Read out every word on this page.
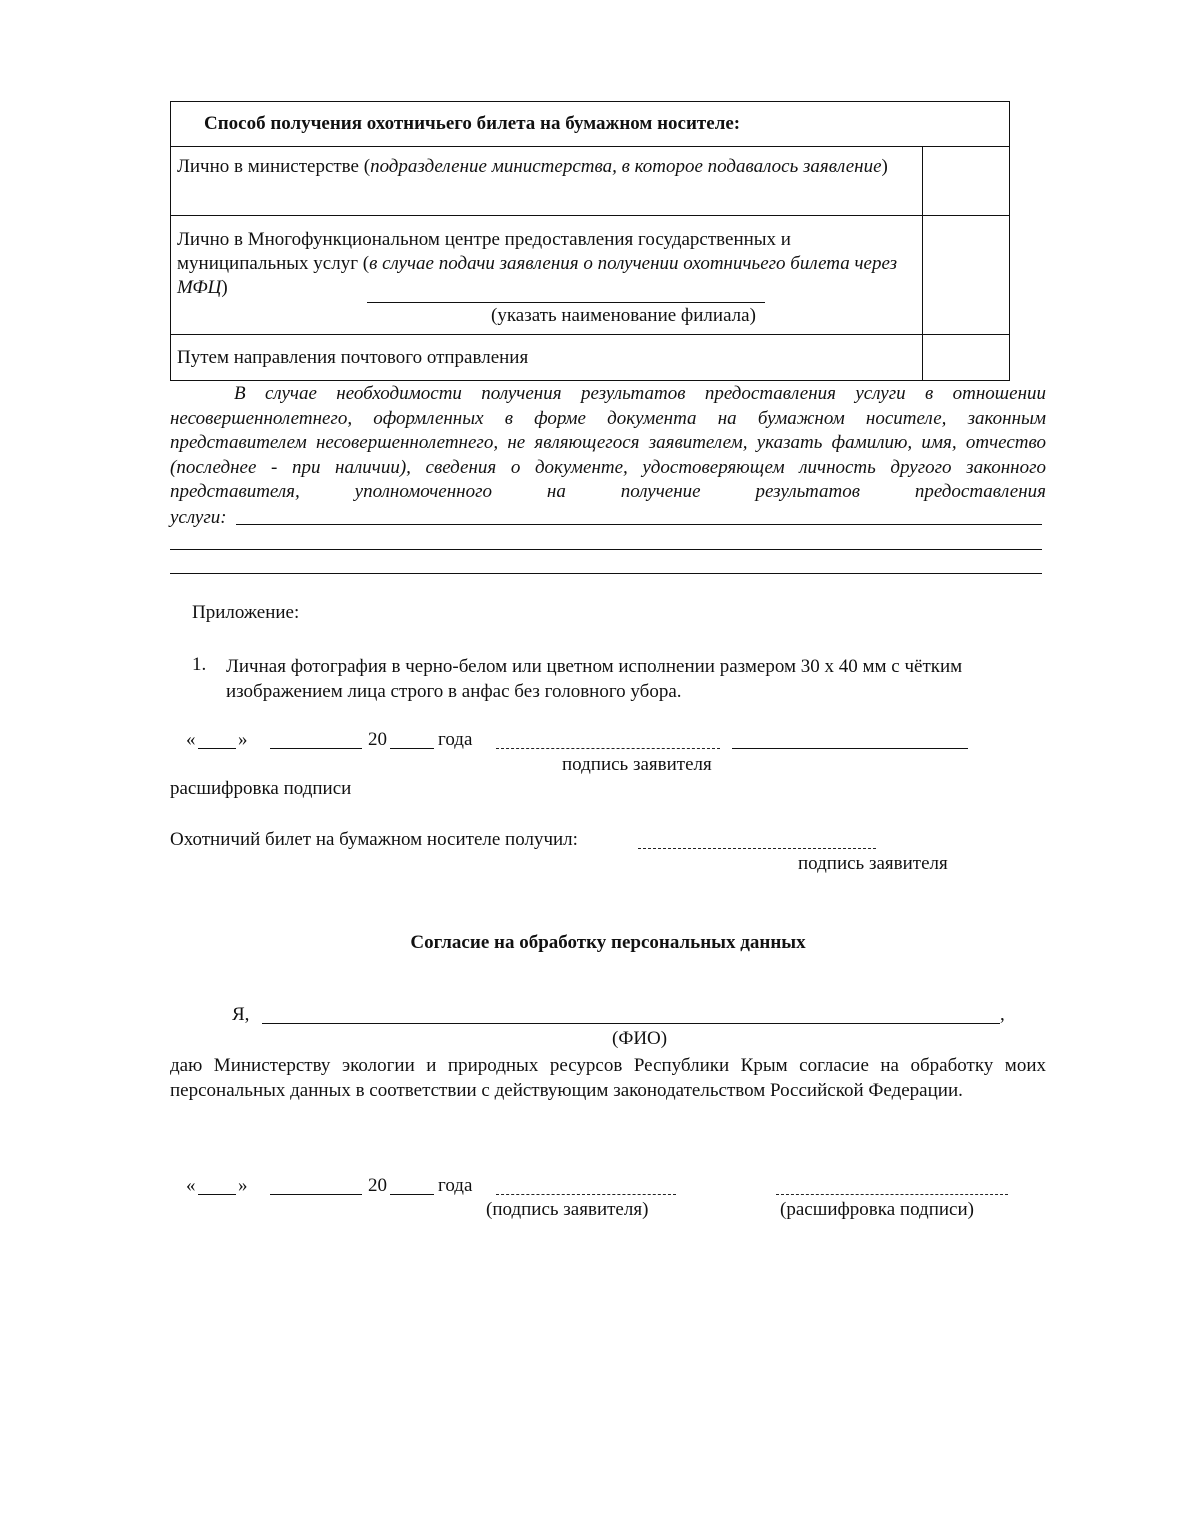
Способ получения охотничьего билета на бумажном носителе:
Лично в министерстве (подразделение министерства, в которое подавалось заявление)
Лично в Многофункциональном центре предоставления государственных и муниципальных услуг (в случае подачи заявления о получении охотничьего билета через МФЦ)
(указать наименование филиала)
Путем направления почтового отправления
В случае необходимости получения результатов предоставления услуги в отношении несовершеннолетнего, оформленных в форме документа на бумажном носителе, законным представителем несовершеннолетнего, не являющегося заявителем, указать фамилию, имя, отчество (последнее - при наличии), сведения о документе, удостоверяющем личность другого законного представителя, уполномоченного на получение результатов предоставления
услуги:
Приложение:
1. Личная фотография в черно-белом или цветном исполнении размером 30 х 40 мм с чётким изображением лица строго в анфас без головного убора.
« »	20	года
подпись заявителя
расшифровка подписи
Охотничий билет на бумажном носителе получил:
подпись заявителя
Согласие на обработку персональных данных
Я,	,
(ФИО)
даю Министерству экологии и природных ресурсов Республики Крым согласие на обработку моих персональных данных в соответствии с действующим законодательством Российской Федерации.
« »	20	года
(подпись заявителя)	(расшифровка подписи)
